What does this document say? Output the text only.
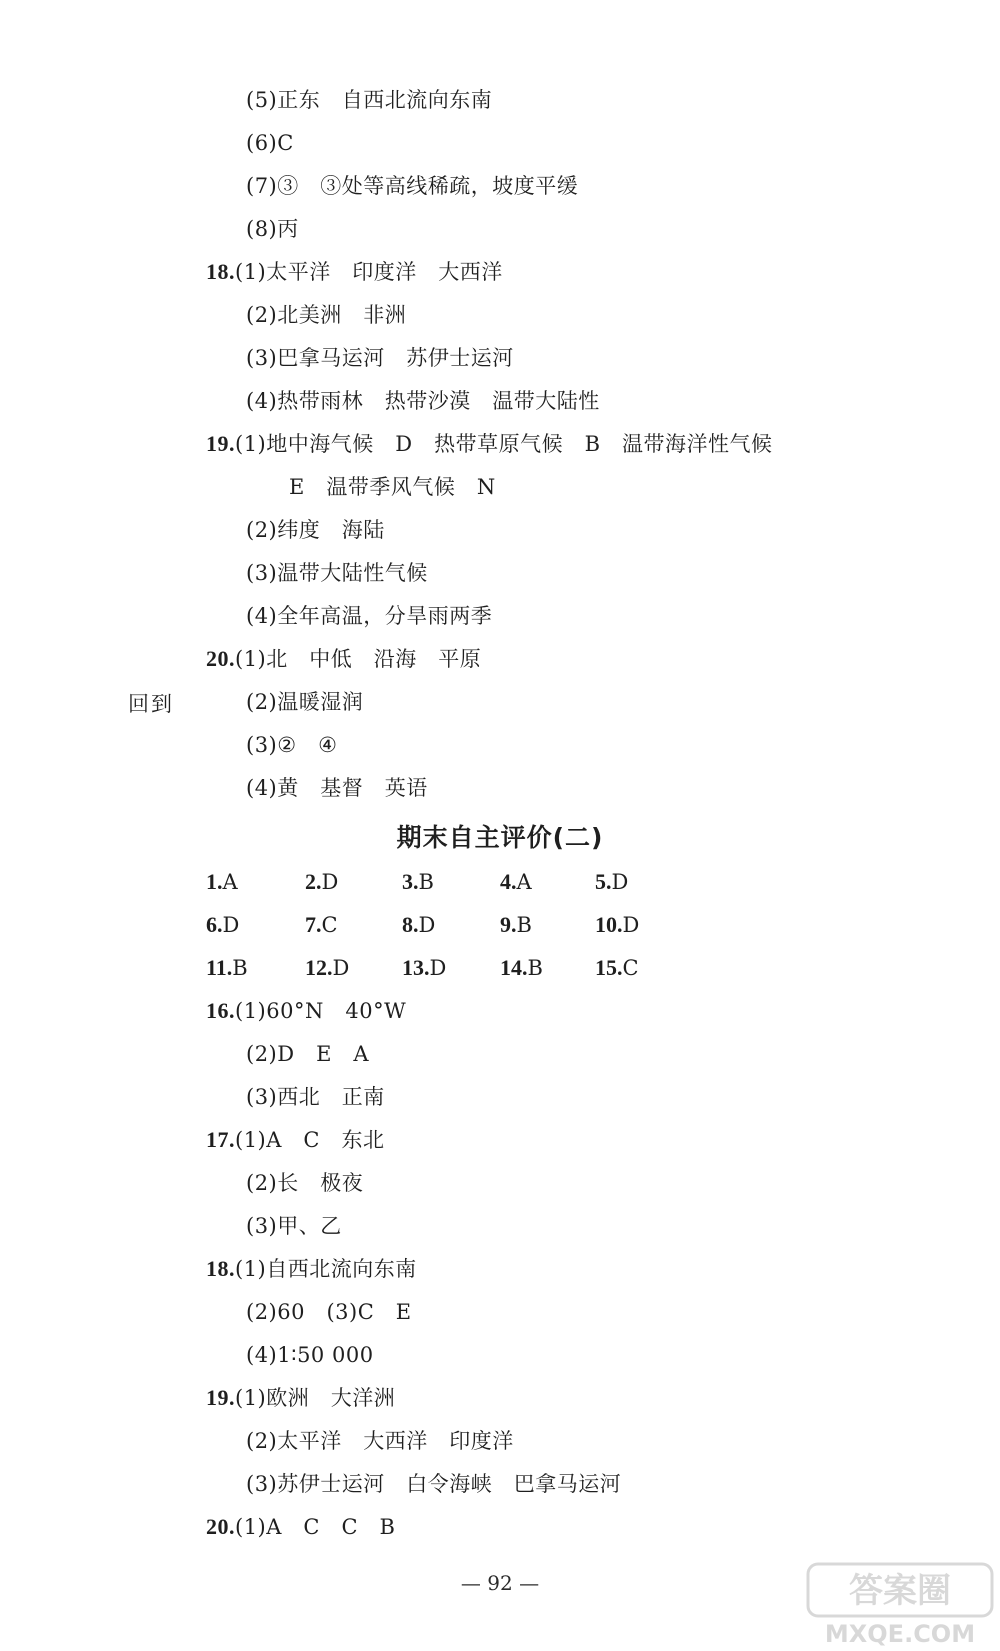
(5)正东　自西北流向东南
(6)C
(7)③　③处等高线稀疏，坡度平缓
(8)丙
18.(1)太平洋　印度洋　大西洋
(2)北美洲　非洲
(3)巴拿马运河　苏伊士运河
(4)热带雨林　热带沙漠　温带大陆性
19.(1)地中海气候　D　热带草原气候　B　温带海洋性气候
　　E　温带季风气候　N
(2)纬度　海陆
(3)温带大陆性气候
(4)全年高温，分旱雨两季
20.(1)北　中低　沿海　平原
(2)温暖湿润
(3)②　④
(4)黄　基督　英语
回到
期末自主评价(二)
1.A	2.D	3.B	4.A	5.D
6.D	7.C	8.D	9.B	10.D
11.B	12.D 13.D 14.B 15.C
16.(1)60°N　40°W
(2)D　E　A
(3)西北　正南
17.(1)A　C　东北
(2)长　极夜
(3)甲、乙
18.(1)自西北流向东南
(2)60　(3)C　E
(4)1∶50 000
19.(1)欧洲　大洋洲
(2)太平洋　大西洋　印度洋
(3)苏伊士运河　白令海峡　巴拿马运河
20.(1)A　C　C　B
— 92 —	答案圈
MXQE.COM
